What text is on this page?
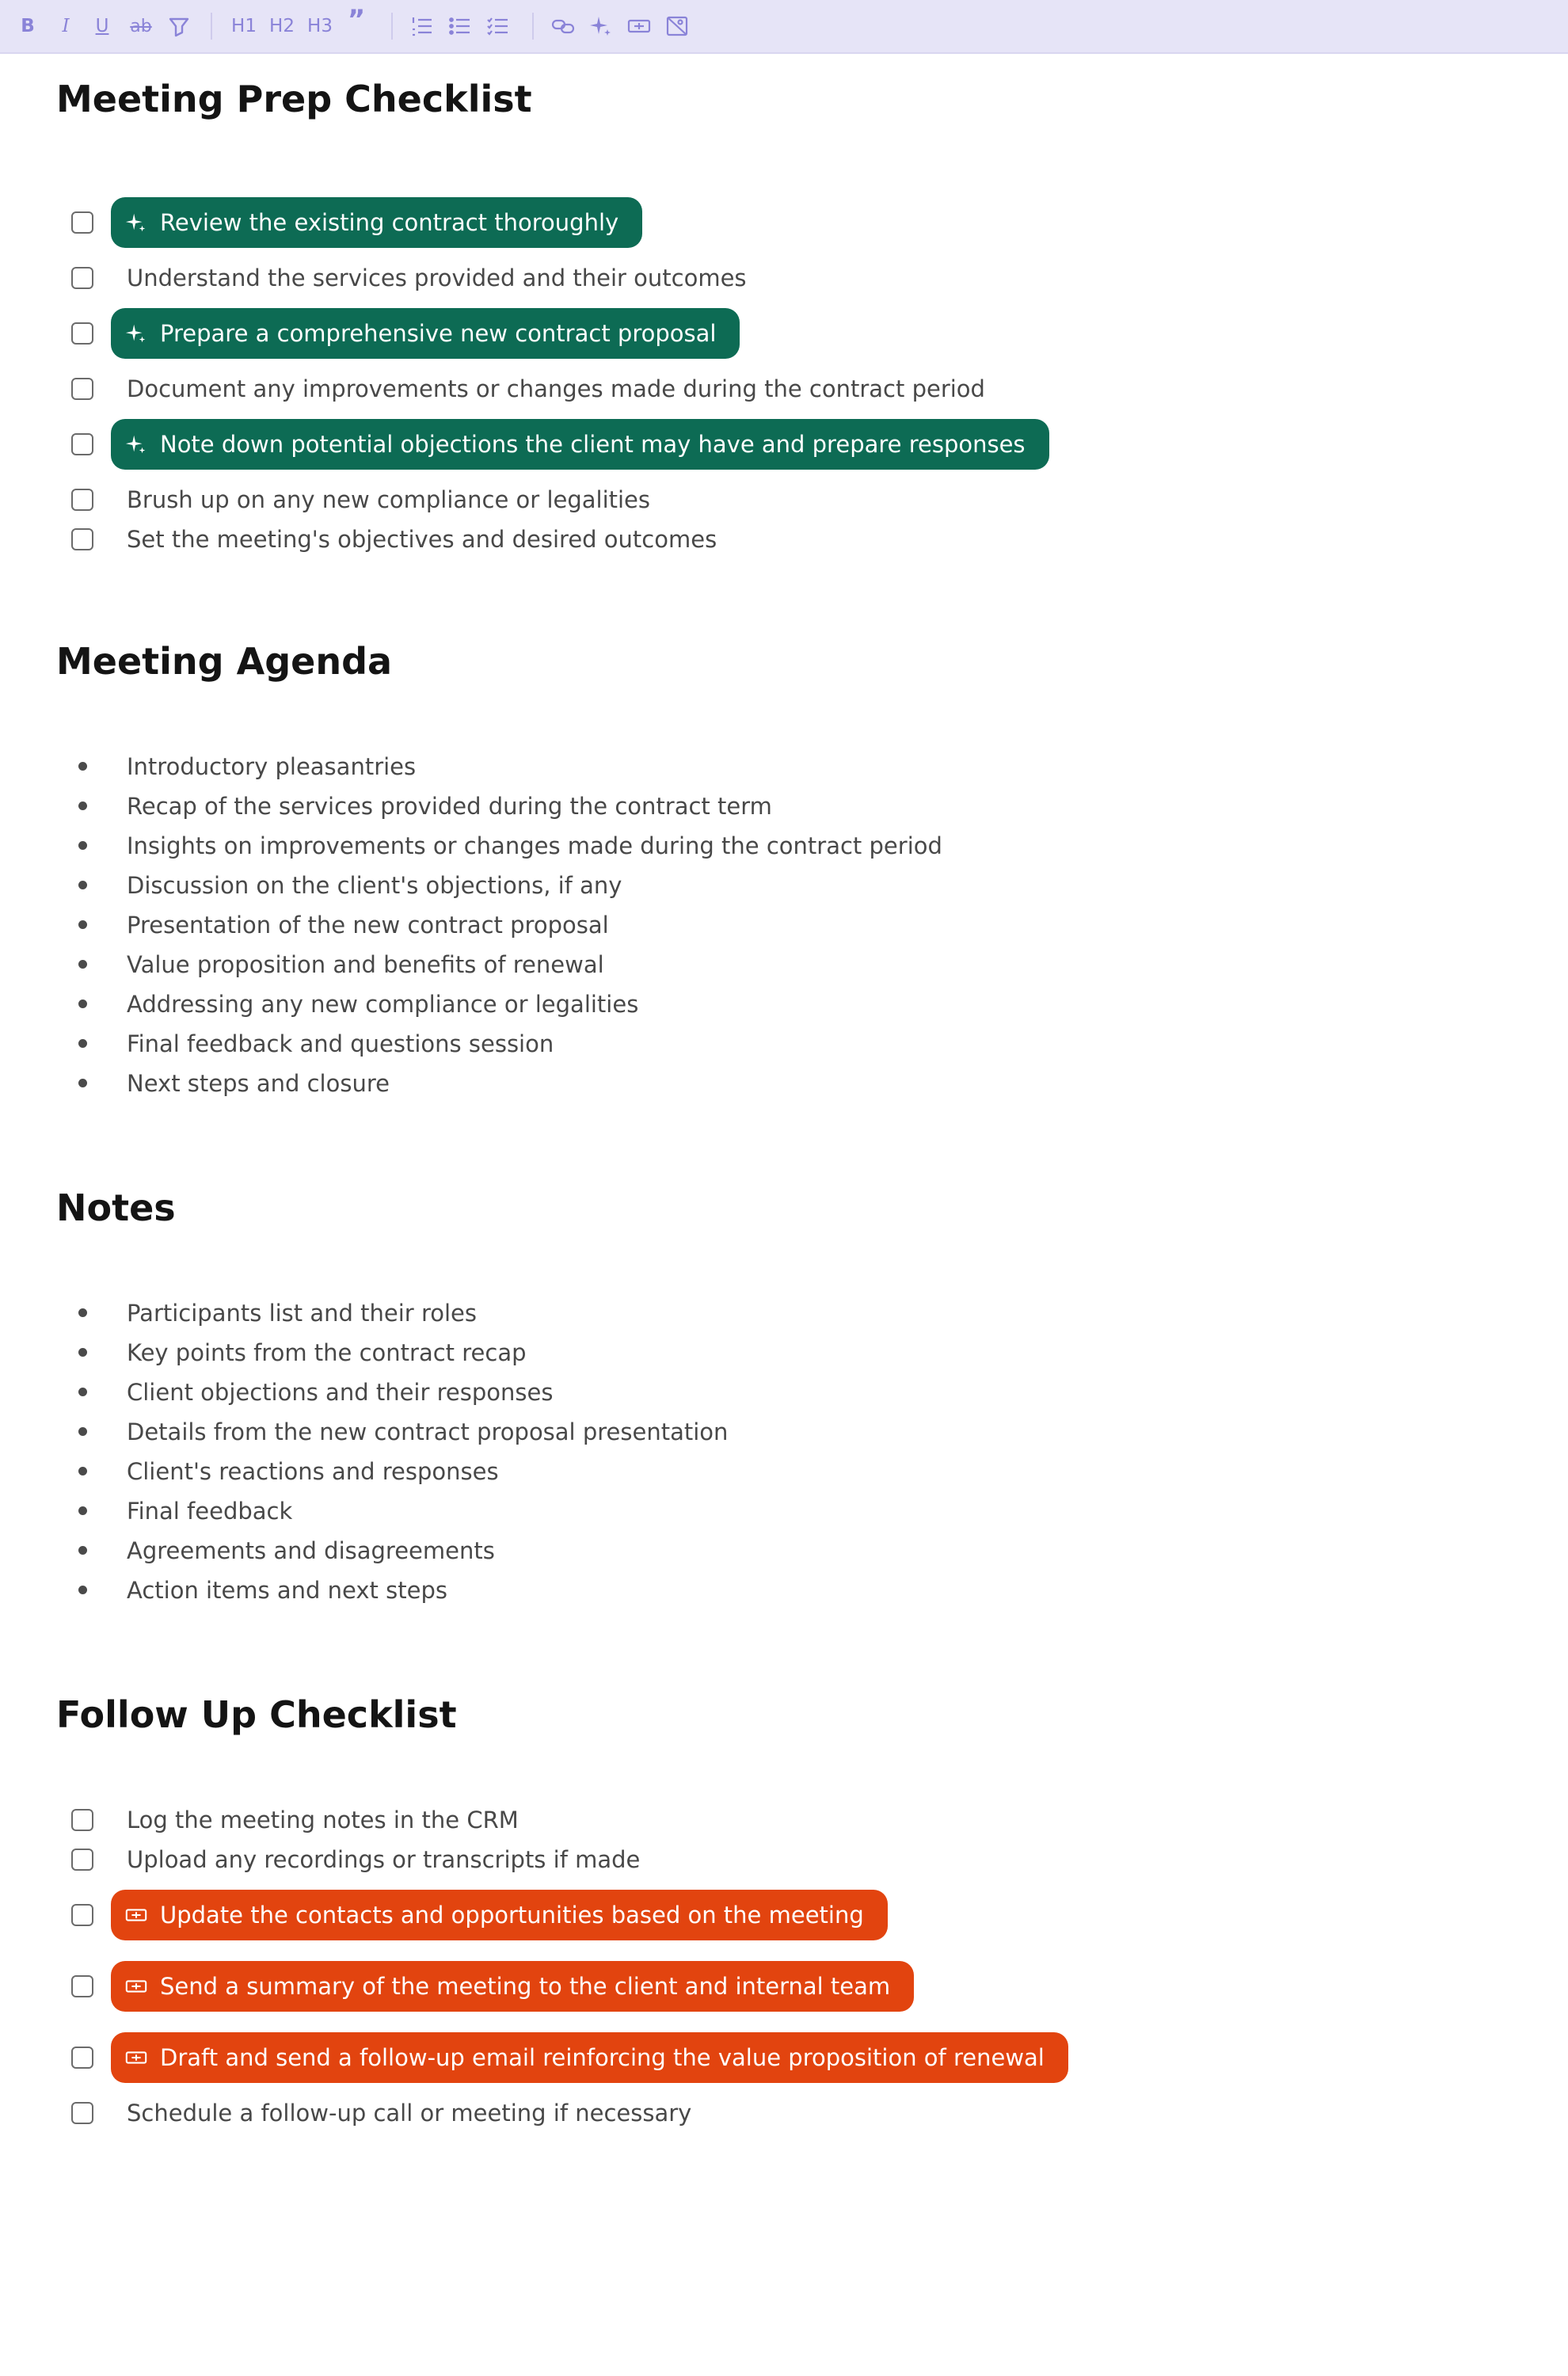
B	I	U ab	H1 H2 H3 ”
Meeting Prep Checklist
Review the existing contract thoroughly
Understand the services provided and their outcomes
Prepare a comprehensive new contract proposal
Document any improvements or changes made during the contract period
Note down potential objections the client may have and prepare responses
Brush up on any new compliance or legalities
Set the meeting's objectives and desired outcomes
Meeting Agenda
Introductory pleasantries
Recap of the services provided during the contract term
Insights on improvements or changes made during the contract period
Discussion on the client's objections, if any
Presentation of the new contract proposal
Value proposition and benefits of renewal
Addressing any new compliance or legalities
Final feedback and questions session
Next steps and closure
Notes
Participants list and their roles
Key points from the contract recap
Client objections and their responses
Details from the new contract proposal presentation
Client's reactions and responses
Final feedback
Agreements and disagreements
Action items and next steps
Follow Up Checklist
Log the meeting notes in the CRM
Upload any recordings or transcripts if made
Update the contacts and opportunities based on the meeting
Send a summary of the meeting to the client and internal team
Draft and send a follow-up email reinforcing the value proposition of renewal
Schedule a follow-up call or meeting if necessary
